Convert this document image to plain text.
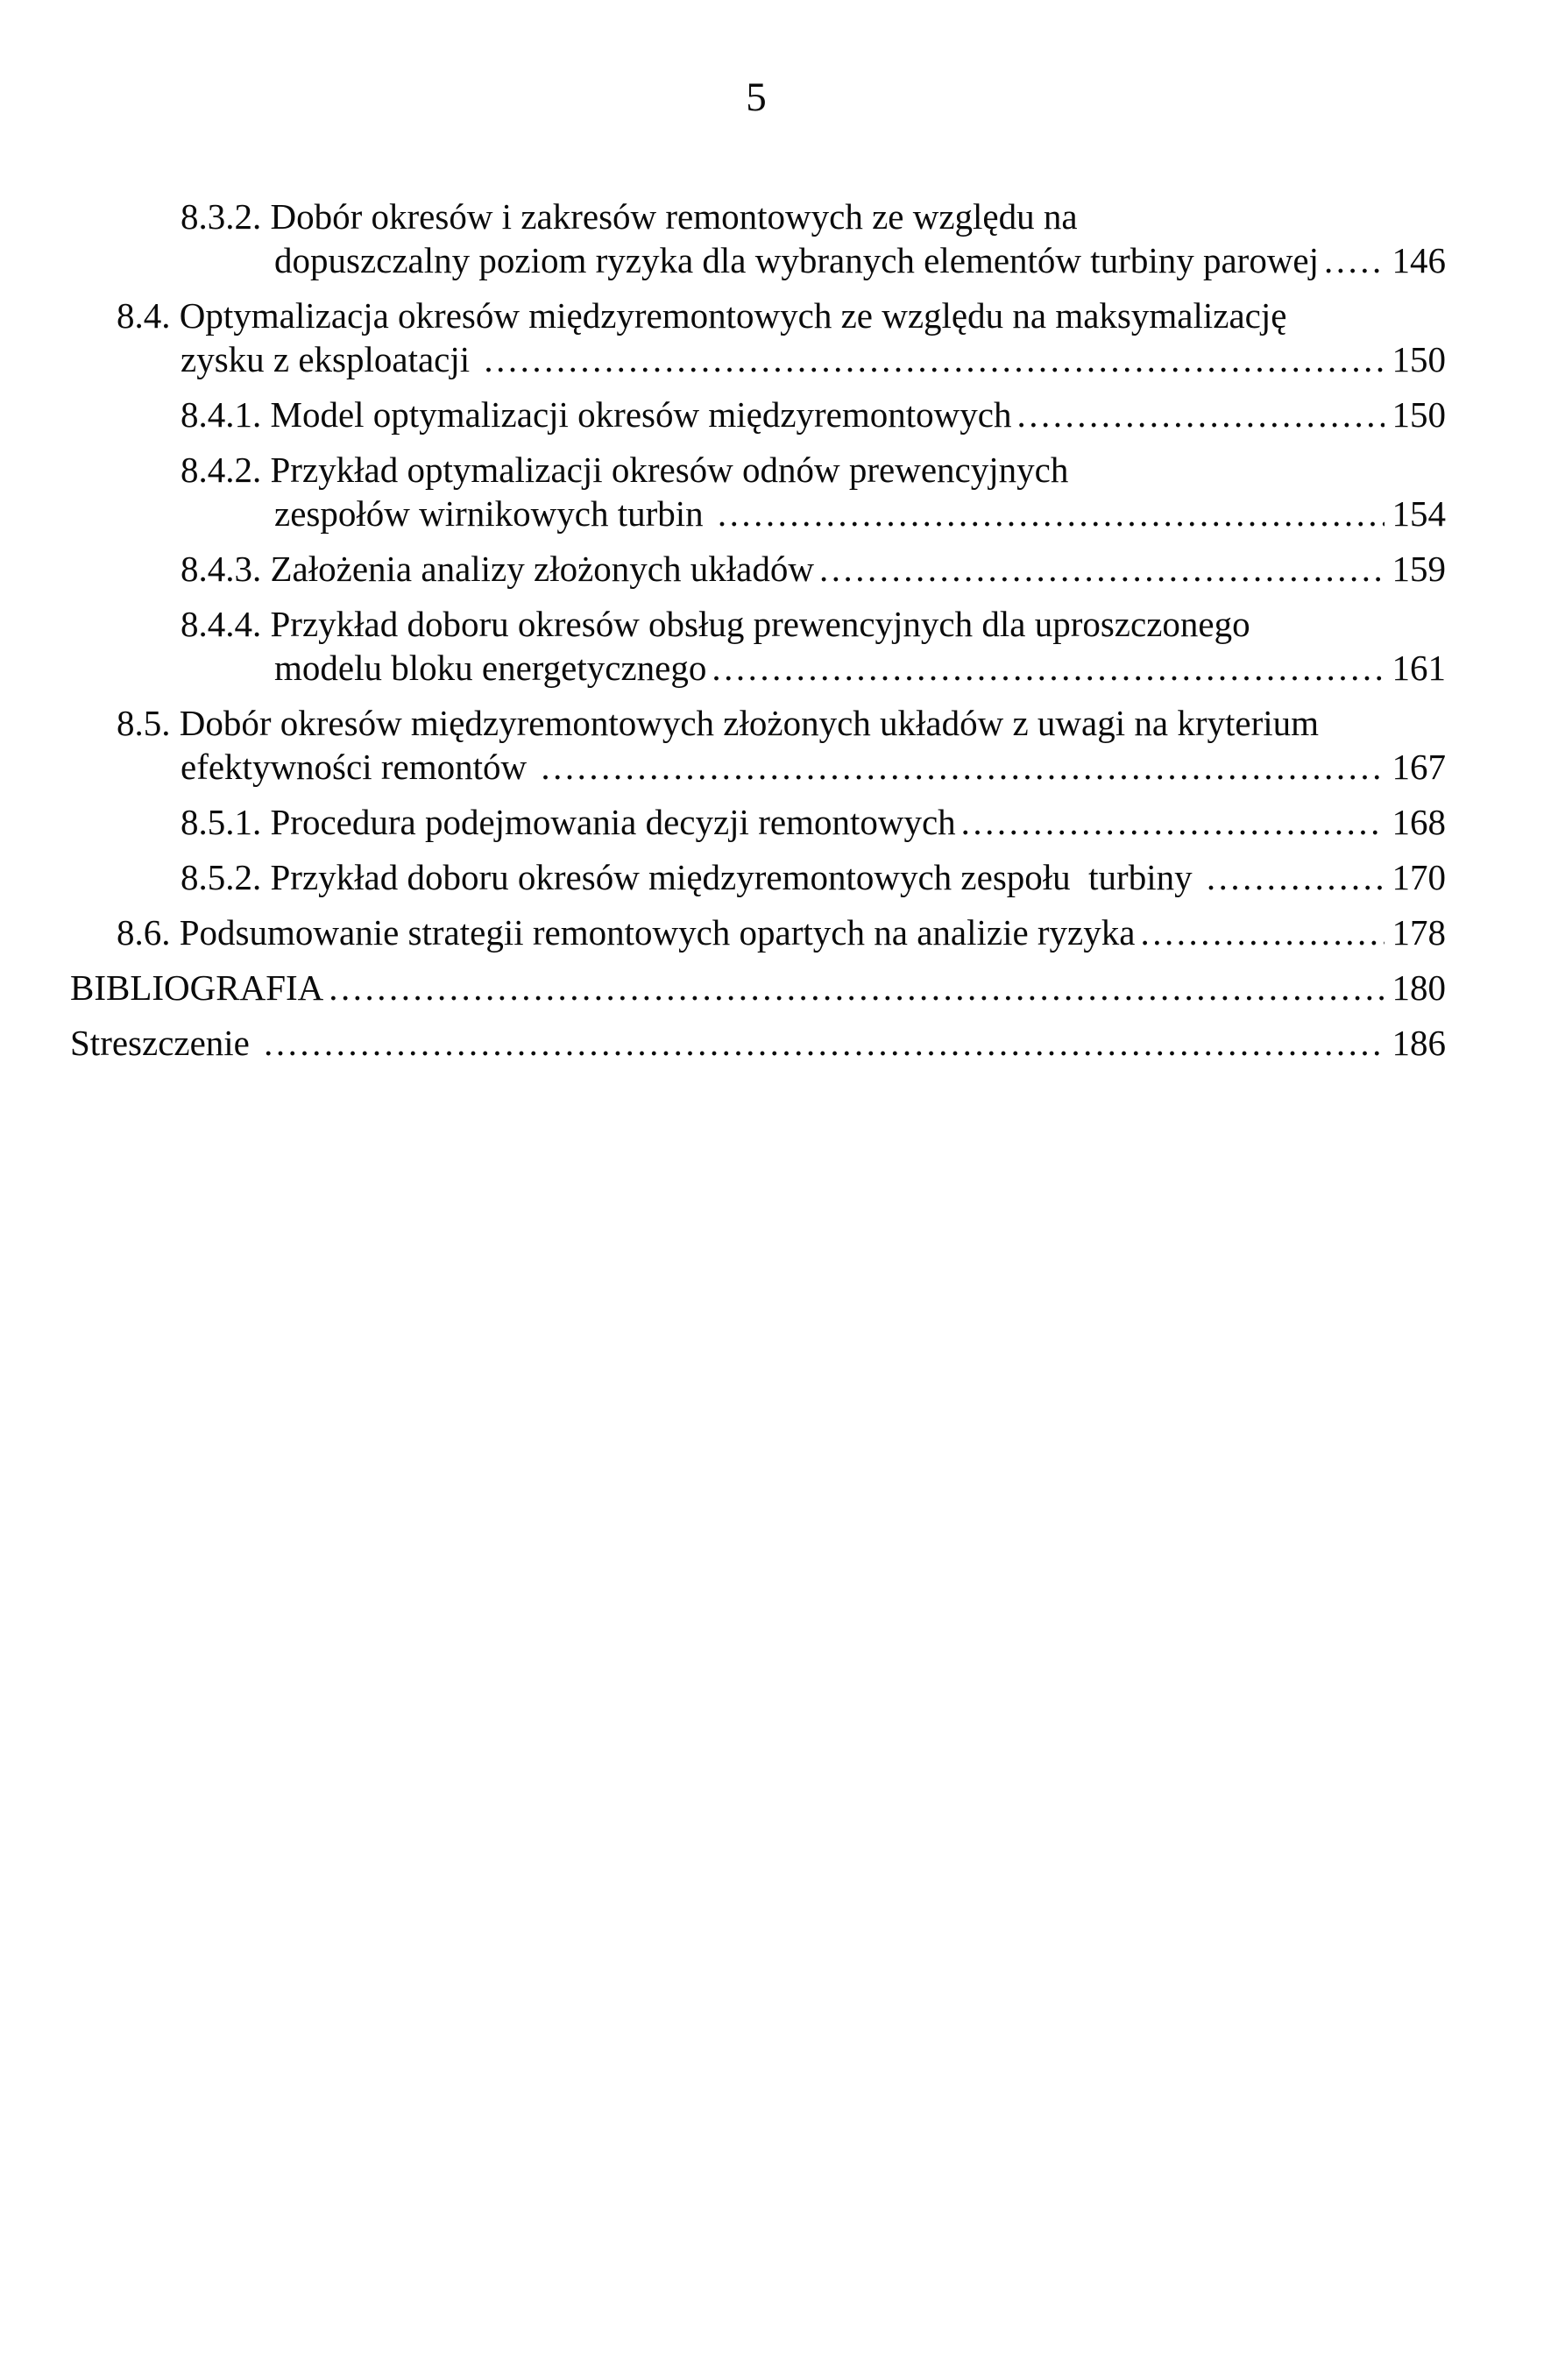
5
8.3.2. Dobór okresów i zakresów remontowych ze względu na
dopuszczalny poziom ryzyka dla wybranych elementów turbiny parowej ..... 146
8.4. Optymalizacja okresów międzyremontowych ze względu na maksymalizację
zysku z eksploatacji .....	150
8.4.1. Model optymalizacji okresów międzyremontowych .....	150
8.4.2. Przykład optymalizacji okresów odnów prewencyjnych
zespołów wirnikowych turbin .....	154
8.4.3. Założenia analizy złożonych układów .....	159
8.4.4. Przykład doboru okresów obsług prewencyjnych dla uproszczonego
modelu bloku energetycznego .....	161
8.5. Dobór okresów międzyremontowych złożonych układów z uwagi na kryterium
efektywności remontów .....	167
8.5.1. Procedura podejmowania decyzji remontowych .....	168
8.5.2. Przykład doboru okresów międzyremontowych zespołu  turbiny .....	170
8.6. Podsumowanie strategii remontowych opartych na analizie ryzyka .....	178
BIBLIOGRAFIA .....	180
Streszczenie .....	186
